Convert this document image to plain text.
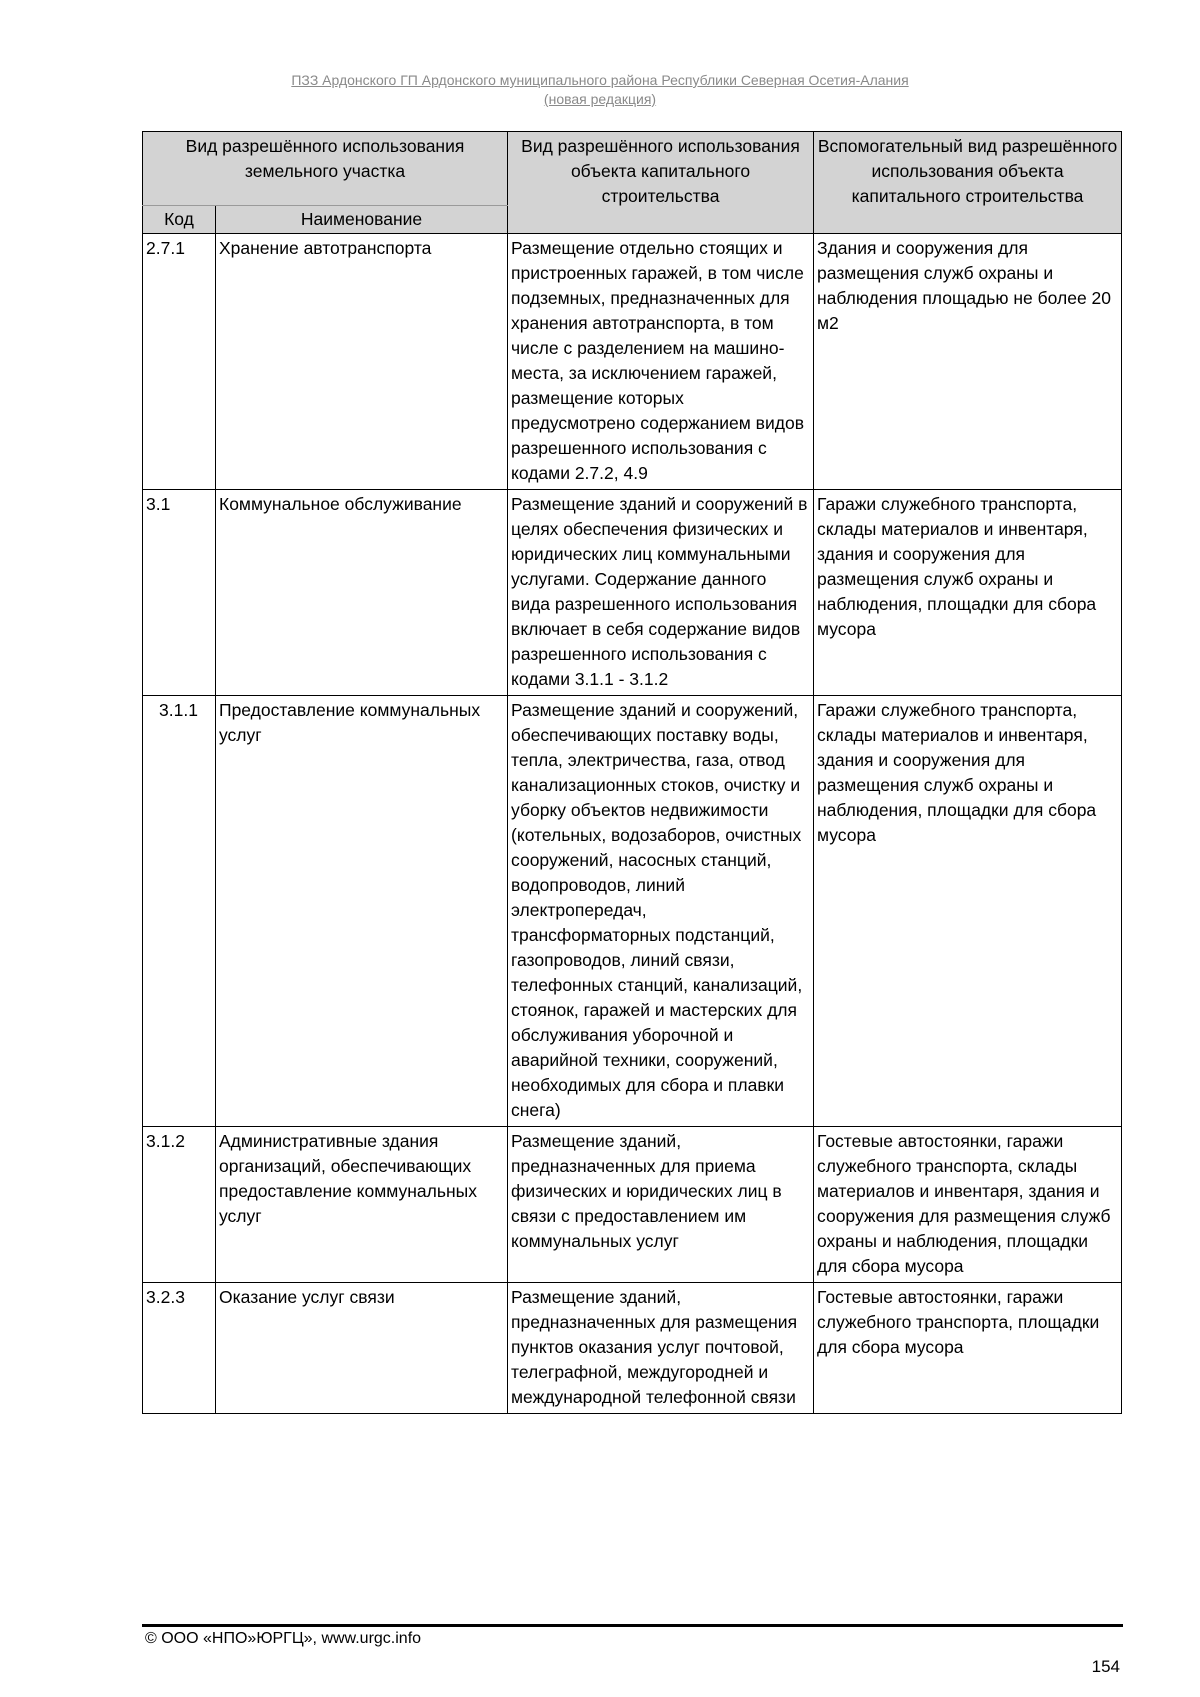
ПЗЗ Ардонского ГП Ардонского муниципального района Республики Северная Осетия-Алания
(новая редакция)
Вид разрешённого использования земельного участка		Вид разрешённого использования объекта капитального строительства	Вспомогательный вид разрешённого использования объекта капитального строительства
Код	Наименование		
2.7.1	Хранение автотранспорта	Размещение отдельно стоящих и пристроенных гаражей, в том числе подземных, предназначенных для хранения автотранспорта, в том числе с разделением на машино-места, за исключением гаражей, размещение которых предусмотрено содержанием видов разрешенного использования с кодами 2.7.2, 4.9	Здания и сооружения для размещения служб охраны и наблюдения площадью не более 20 м2
3.1	Коммунальное обслуживание	Размещение зданий и сооружений в целях обеспечения физических и юридических лиц коммунальными услугами. Содержание данного вида разрешенного использования включает в себя содержание видов разрешенного использования с кодами 3.1.1 - 3.1.2	Гаражи служебного транспорта, склады материалов и инвентаря, здания и сооружения для размещения служб охраны и наблюдения, площадки для сбора мусора
3.1.1	Предоставление коммунальных услуг	Размещение зданий и сооружений, обеспечивающих поставку воды, тепла, электричества, газа, отвод канализационных стоков, очистку и уборку объектов недвижимости (котельных, водозаборов, очистных сооружений, насосных станций, водопроводов, линий электропередач, трансформаторных подстанций, газопроводов, линий связи, телефонных станций, канализаций, стоянок, гаражей и мастерских для обслуживания уборочной и аварийной техники, сооружений, необходимых для сбора и плавки снега)	Гаражи служебного транспорта, склады материалов и инвентаря, здания и сооружения для размещения служб охраны и наблюдения, площадки для сбора мусора
3.1.2	Административные здания организаций, обеспечивающих предоставление коммунальных услуг	Размещение зданий, предназначенных для приема физических и юридических лиц в связи с предоставлением им коммунальных услуг	Гостевые автостоянки, гаражи служебного транспорта, склады материалов и инвентаря, здания и сооружения для размещения служб охраны и наблюдения, площадки для сбора мусора
3.2.3	Оказание услуг связи	Размещение зданий, предназначенных для размещения пунктов оказания услуг почтовой, телеграфной, междугородней и международной телефонной связи	Гостевые автостоянки, гаражи служебного транспорта, площадки для сбора мусора
© ООО «НПО»ЮРГЦ», www.urgc.info
154
